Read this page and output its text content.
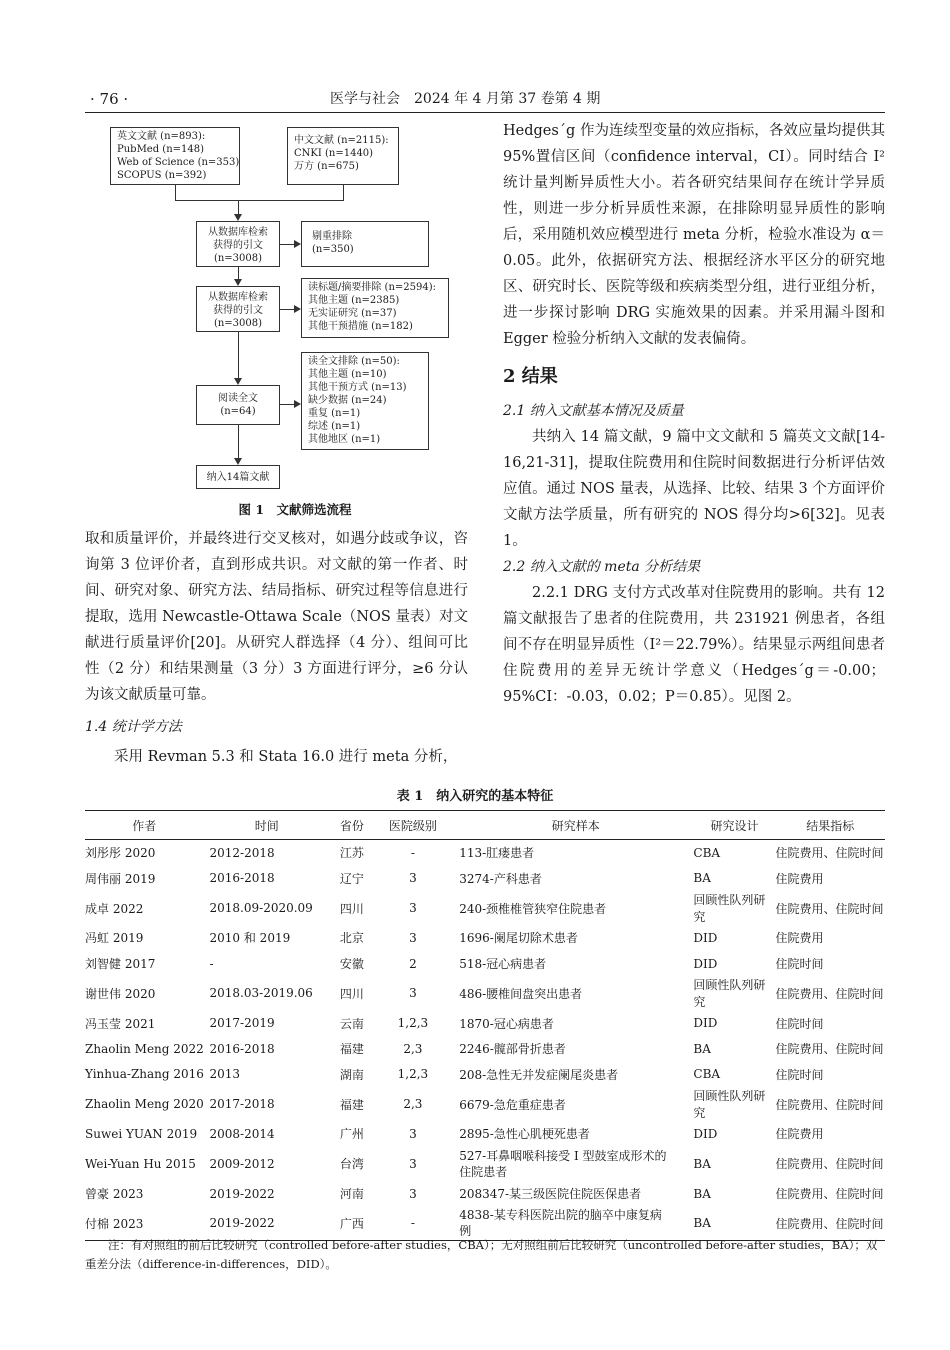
· 76 ·	医学与社会　2024 年 4 月第 37 卷第 4 期
英文文献 (n=893):
PubMed (n=148)
Web of Science (n=353)
SCOPUS (n=392)
中文文献 (n=2115):
CNKI (n=1440)
万方 (n=675)
从数据库检索
获得的引文
(n=3008)
剔重排除
(n=350)
从数据库检索
获得的引文
(n=3008)
读标题/摘要排除 (n=2594):
其他主题 (n=2385)
无实证研究 (n=37)
其他干预措施 (n=182)
阅读全文
(n=64)
读全文排除 (n=50):
其他主题 (n=10)
其他干预方式 (n=13)
缺少数据 (n=24)
重复 (n=1)
综述 (n=1)
其他地区 (n=1)
纳入14篇文献
图 1　文献筛选流程

取和质量评价，并最终进行交叉核对，如遇分歧或争议，咨询第 3 位评价者，直到形成共识。对文献的第一作者、时间、研究对象、研究方法、结局指标、研究过程等信息进行提取，选用 Newcastle-Ottawa Scale（NOS 量表）对文献进行质量评价[20]。从研究人群选择（4 分）、组间可比性（2 分）和结果测量（3 分）3 方面进行评分，≥6 分认为该文献质量可靠。

1.4 统计学方法

采用 Revman 5.3 和 Stata 16.0 进行 meta 分析，

Hedges´g 作为连续型变量的效应指标，各效应量均提供其 95%置信区间（confidence interval，CI）。同时结合 I² 统计量判断异质性大小。若各研究结果间存在统计学异质性，则进一步分析异质性来源，在排除明显异质性的影响后，采用随机效应模型进行 meta 分析，检验水准设为 α＝0.05。此外，依据研究方法、根据经济水平区分的研究地区、研究时长、医院等级和疾病类型分组，进行亚组分析，进一步探讨影响 DRG 实施效果的因素。并采用漏斗图和 Egger 检验分析纳入文献的发表偏倚。

2 结果

2.1 纳入文献基本情况及质量

共纳入 14 篇文献，9 篇中文文献和 5 篇英文文献[14-16,21-31]，提取住院费用和住院时间数据进行分析评估效应值。通过 NOS 量表，从选择、比较、结果 3 个方面评价文献方法学质量，所有研究的 NOS 得分均>6[32]。见表 1。

2.2 纳入文献的 meta 分析结果

2.2.1 DRG 支付方式改革对住院费用的影响。共有 12 篇文献报告了患者的住院费用，共 231921 例患者，各组间不存在明显异质性（I²＝22.79%）。结果显示两组间患者住院费用的差异无统计学意义（Hedges´g＝-0.00；95%CI：-0.03，0.02；P＝0.85）。见图 2。

表 1　纳入研究的基本特征
作者	时间	省份	医院级别	研究样本	研究设计	结果指标
刘彤彤 2020	2012-2018	江苏	-	113-肛瘘患者	CBA	住院费用、住院时间
周伟丽 2019	2016-2018	辽宁	3	3274-产科患者	BA	住院费用
成卓 2022	2018.09-2020.09	四川	3	240-颈椎椎管狭窄住院患者	回顾性队列研究	住院费用、住院时间
冯虹 2019	2010 和 2019	北京	3	1696-阑尾切除术患者	DID	住院费用
刘智健 2017	-	安徽	2	518-冠心病患者	DID	住院时间
谢世伟 2020	2018.03-2019.06	四川	3	486-腰椎间盘突出患者	回顾性队列研究	住院费用、住院时间
冯玉莹 2021	2017-2019	云南	1,2,3	1870-冠心病患者	DID	住院时间
Zhaolin Meng 2022	2016-2018	福建	2,3	2246-髋部骨折患者	BA	住院费用、住院时间
Yinhua-Zhang 2016	2013	湖南	1,2,3	208-急性无并发症阑尾炎患者	CBA	住院时间
Zhaolin Meng 2020	2017-2018	福建	2,3	6679-急危重症患者	回顾性队列研究	住院费用、住院时间
Suwei YUAN 2019	2008-2014	广州	3	2895-急性心肌梗死患者	DID	住院费用
Wei-Yuan Hu 2015	2009-2012	台湾	3	527-耳鼻咽喉科接受 I 型鼓室成形术的住院患者	BA	住院费用、住院时间
曾豪 2023	2019-2022	河南	3	208347-某三级医院住院医保患者	BA	住院费用、住院时间
付棉 2023	2019-2022	广西	-	4838-某专科医院出院的脑卒中康复病例	BA	住院费用、住院时间
注：有对照组的前后比较研究（controlled before-after studies，CBA）；无对照组前后比较研究（uncontrolled before-after studies，BA）；双重差分法（difference-in-differences，DID）。
